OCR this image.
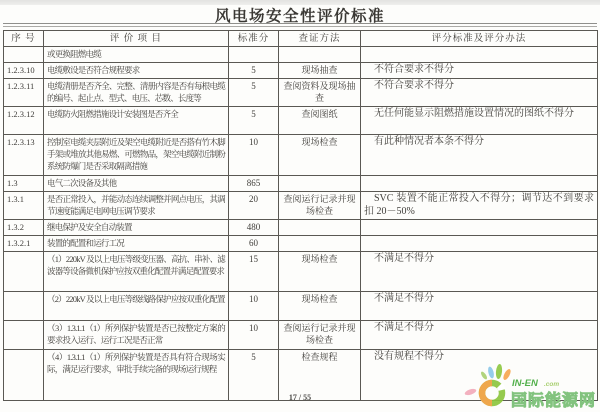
风电场安全性评价标准
序 号	评 价 项 目	标准分	查证方法	评分标准及评分办法
	或更换阻燃电缆			
1.2.3.10	电缆敷设是否符合规程要求	5	现场抽查	不符合要求不得分
1.2.3.11	电缆清册是否齐全、完整、清册内容是否有每根电缆的编号、起止点、型式、电压、芯数、长度等	5	查阅资料及现场抽查	不符合要求不得分
1.2.3.12	电缆防火阻燃措施设计安装图是否齐全	5	查阅图纸	无任何能显示阻燃措施设置情况的图纸不得分
1.2.3.13	控制室电缆夹层附近及架空电缆附近是否搭有竹木脚手架或堆放其他易燃、可燃物品，架空电缆附近制粉系统防爆门是否采取隔离措施	10	现场检查	有此种情况者本条不得分
1.3	电气二次设备及其他	865		
1.3.1	是否正常投入，并能动态连续调整并网点电压，其调节速度能满足电网电压调节要求	20	查阅运行记录并现场检查	SVC 装置不能正常投入不得分；调节达不到要求扣 20－50%
1.3.2	继电保护及安全自动装置	480		
1.3.2.1	装置的配置和运行工况	60		
	（1）220kV 及以上电压等级变压器、高抗、串补、滤波器等设备微机保护应按双重化配置并满足配置要求	15	现场检查	不满足不得分
	（2）220kV 及以上电压等级线路保护应按双重化配置	10	现场检查	不满足不得分
	（3）1.3.1.1（1）所列保护装置是否已按整定方案的要求投入运行、运行工况是否正常	10	查阅运行记录并现场检查	不满足不得分
	（4）1.3.1.1（1）所列保护装置是否具有符合现场实际，满足运行要求，审批手续完备的现场运行规程	5	检查规程	没有规程不得分
17 / 55
IN-EN .com
国际能源网
